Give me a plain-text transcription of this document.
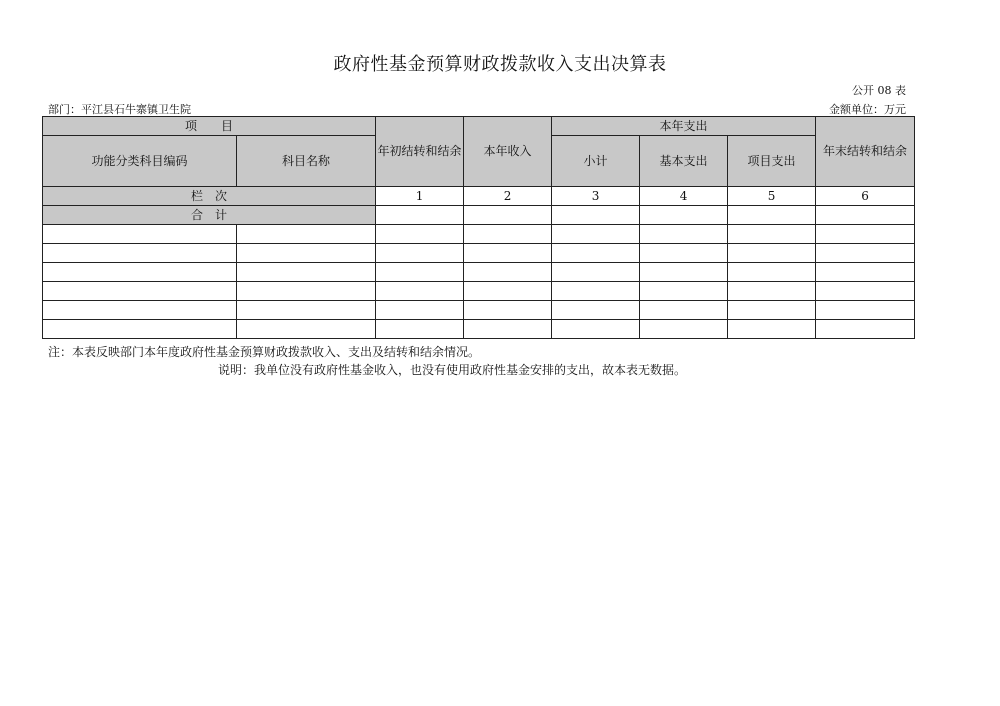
政府性基金预算财政拨款收入支出决算表
公开 08 表
部门：平江县石牛寨镇卫生院	金额单位：万元
项　　目		年初结转和结余	本年收入	本年支出			年末结转和结余
功能分类科目编码	科目名称			小计	基本支出	项目支出	
栏　次		1	2	3	4	5	6
合　计							

注：本表反映部门本年度政府性基金预算财政拨款收入、支出及结转和结余情况。
说明：我单位没有政府性基金收入，也没有使用政府性基金安排的支出，故本表无数据。
